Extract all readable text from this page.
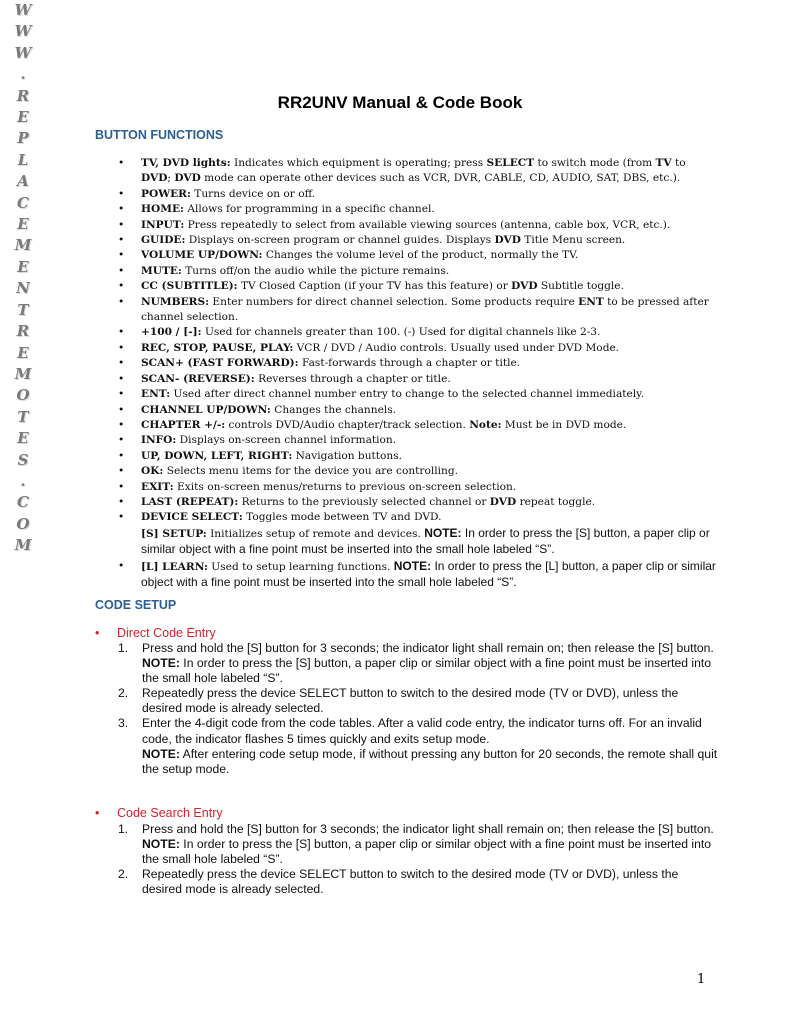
W
W
W
.
R
E
P
L
A
C
E
M
E
N
T
R
E
M
O
T
E
S
.
C
O
M
RR2UNV Manual & Code Book
BUTTON FUNCTIONS
• TV, DVD lights: Indicates which equipment is operating; press SELECT to switch mode (from TV to DVD; DVD mode can operate other devices such as VCR, DVR, CABLE, CD, AUDIO, SAT, DBS, etc.).
• POWER: Turns device on or off.
• HOME: Allows for programming in a specific channel.
• INPUT: Press repeatedly to select from available viewing sources (antenna, cable box, VCR, etc.).
• GUIDE: Displays on-screen program or channel guides. Displays DVD Title Menu screen.
• VOLUME UP/DOWN: Changes the volume level of the product, normally the TV.
• MUTE: Turns off/on the audio while the picture remains.
• CC (SUBTITLE): TV Closed Caption (if your TV has this feature) or DVD Subtitle toggle.
• NUMBERS: Enter numbers for direct channel selection. Some products require ENT to be pressed after channel selection.
• +100 / [-]: Used for channels greater than 100. (-) Used for digital channels like 2-3.
• REC, STOP, PAUSE, PLAY: VCR / DVD / Audio controls. Usually used under DVD Mode.
• SCAN+ (FAST FORWARD): Fast-forwards through a chapter or title.
• SCAN- (REVERSE): Reverses through a chapter or title.
• ENT: Used after direct channel number entry to change to the selected channel immediately.
• CHANNEL UP/DOWN: Changes the channels.
• CHAPTER +/-: controls DVD/Audio chapter/track selection. Note: Must be in DVD mode.
• INFO: Displays on-screen channel information.
• UP, DOWN, LEFT, RIGHT: Navigation buttons.
• OK: Selects menu items for the device you are controlling.
• EXIT: Exits on-screen menus/returns to previous on-screen selection.
• LAST (REPEAT): Returns to the previously selected channel or DVD repeat toggle.
• DEVICE SELECT: Toggles mode between TV and DVD.
[S] SETUP: Initializes setup of remote and devices. NOTE: In order to press the [S] button, a paper clip or similar object with a fine point must be inserted into the small hole labeled “S”.
• [L] LEARN: Used to setup learning functions. NOTE: In order to press the [L] button, a paper clip or similar object with a fine point must be inserted into the small hole labeled “S”.
CODE SETUP
• Direct Code Entry
1. Press and hold the [S] button for 3 seconds; the indicator light shall remain on; then release the [S] button.
NOTE: In order to press the [S] button, a paper clip or similar object with a fine point must be inserted into the small hole labeled “S”.
2. Repeatedly press the device SELECT button to switch to the desired mode (TV or DVD), unless the desired mode is already selected.
3. Enter the 4-digit code from the code tables. After a valid code entry, the indicator turns off. For an invalid code, the indicator flashes 5 times quickly and exits setup mode.
NOTE: After entering code setup mode, if without pressing any button for 20 seconds, the remote shall quit the setup mode.
• Code Search Entry
1. Press and hold the [S] button for 3 seconds; the indicator light shall remain on; then release the [S] button.
NOTE: In order to press the [S] button, a paper clip or similar object with a fine point must be inserted into the small hole labeled “S”.
2. Repeatedly press the device SELECT button to switch to the desired mode (TV or DVD), unless the desired mode is already selected.
1
